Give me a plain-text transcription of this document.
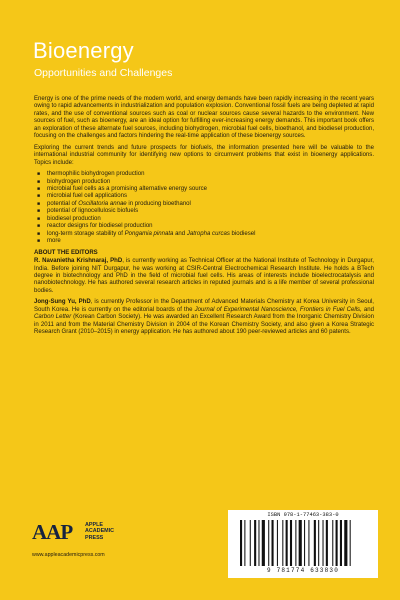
Bioenergy
Opportunities and Challenges

Energy is one of the prime needs of the modern world, and energy demands have been rapidly increasing in the recent years owing to rapid advancements in industrialization and population explosion. Conventional fossil fuels are being depleted at rapid rates, and the use of conventional sources such as coal or nuclear sources cause several hazards to the environment. New sources of fuel, such as bioenergy, are an ideal option for fulfilling ever-increasing energy demands. This important book offers an exploration of these alternate fuel sources, including biohydrogen, microbial fuel cells, bioethanol, and biodiesel production, focusing on the challenges and factors hindering the real-time application of these bioenergy sources.

Exploring the current trends and future prospects for biofuels, the information presented here will be valuable to the international industrial community for identifying new options to circumvent problems that exist in bioenergy applications. Topics include:

■ thermophilic biohydrogen production
■ biohydrogen production
■ microbial fuel cells as a promising alternative energy source
■ microbial fuel cell applications
■ potential of Oscillatoria annae in producing bioethanol
■ potential of lignocellulosic biofuels
■ biodiesel production
■ reactor designs for biodiesel production
■ long-term storage stability of Pongamia pinnata and Jatropha curcas biodiesel
■ more
ABOUT THE EDITORS

R. Navanietha Krishnaraj, PhD, is currently working as Technical Officer at the National Institute of Technology in Durgapur, India. Before joining NIT Durgapur, he was working at CSIR-Central Electrochemical Research Institute. He holds a BTech degree in biotechnology and PhD in the field of microbial fuel cells. His areas of interests include bioelectrocatalysis and nanobiotechnology. He has authored several research articles in reputed journals and is a life member of several professional bodies.

Jong-Sung Yu, PhD, is currently Professor in the Department of Advanced Materials Chemistry at Korea University in Seoul, South Korea. He is currently on the editorial boards of the Journal of Experimental Nanoscience, Frontiers in Fuel Cells, and Carbon Letter (Korean Carbon Society). He was awarded an Excellent Research Award from the Inorganic Chemistry Division in 2011 and from the Material Chemistry Division in 2004 of the Korean Chemistry Society, and also given a Korea Strategic Research Grant (2010–2015) in energy application. He has authored about 190 peer-reviewed articles and 60 patents.

AAP APPLE
ACADEMIC
PRESS
www.appleacademicpress.com
ISBN 978-1-77463-383-0
9 781774 633830
